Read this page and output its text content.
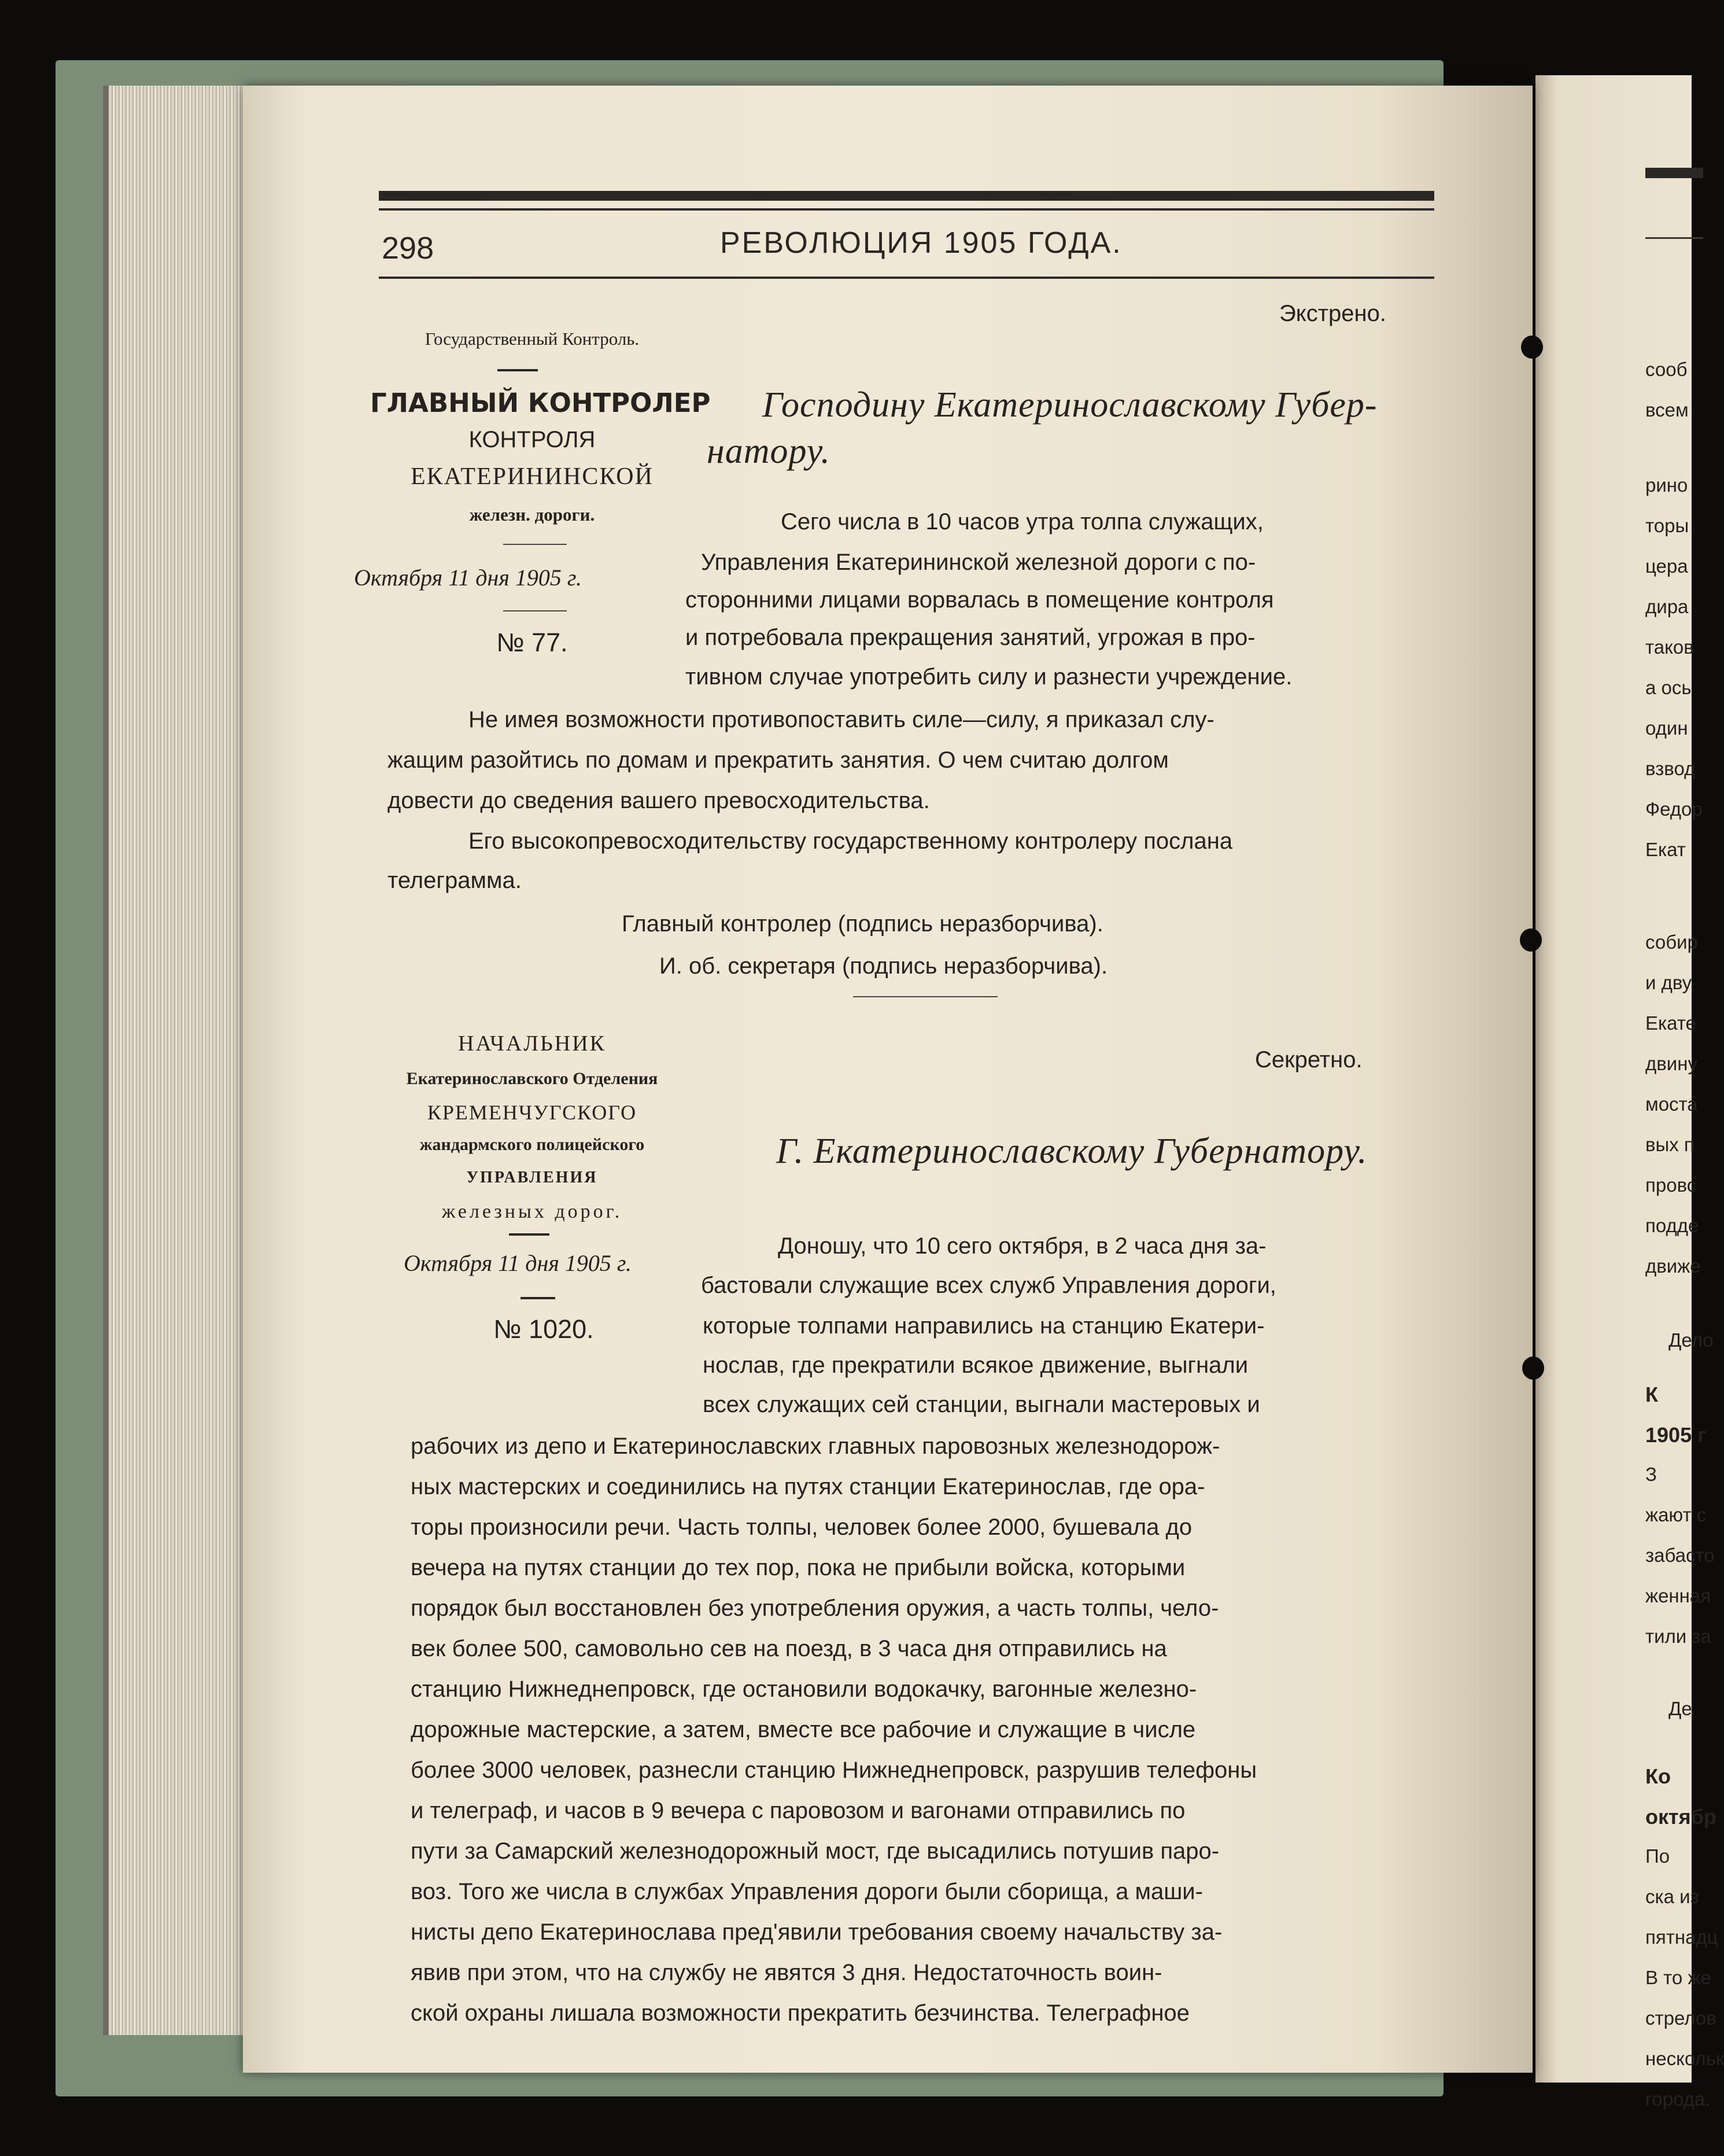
сооб
всем
рино
торы
цера
дира
таков
а ось
один
взвод
Федор
Екат
собир
и дву
Екате
двину
моста
вых п
провс
подде
движе
Дело
К
1905 г
З
жают с
забасто
женная
тили за
Де
Ко
октябр
По
ска из
пятнадц
В то же
стрелов
нескольк
города.
298	РЕВОЛЮЦИЯ 1905 ГОДА.
Государственный Контроль.
ГЛАВНЫЙ КОНТРОЛЕР
КОНТРОЛЯ
ЕКАТЕРИНИНСКОЙ
железн. дороги.
Октября 11 дня 1905 г.
№ 77.
Экстрено.
Господину Екатеринославскому Губер-
натору.
Сего числа в 10 часов утра толпа служащих,
Управления Екатерининской железной дороги с по-
сторонними лицами ворвалась в помещение контроля
и потребовала прекращения занятий, угрожая в про-
тивном случае употребить силу и разнести учреждение.
Не имея возможности противопоставить силе—силу, я приказал слу-
жащим разойтись по домам и прекратить занятия. О чем считаю долгом
довести до сведения вашего превосходительства.
Его высокопревосходительству государственному контролеру послана
телеграмма.
Главный контролер (подпись неразборчива).
И. об. секретаря (подпись неразборчива).
НАЧАЛЬНИК
Екатеринославского Отделения
КРЕМЕНЧУГСКОГО
жандармского полицейского
УПРАВЛЕНИЯ
железных дорог.
Октября 11 дня 1905 г.
№ 1020.
Секретно.
Г. Екатеринославскому Губернатору.
Доношу, что 10 сего октября, в 2 часа дня за-
бастовали служащие всех служб Управления дороги,
которые толпами направились на станцию Екатери-
нослав, где прекратили всякое движение, выгнали
всех служащих сей станции, выгнали мастеровых и
рабочих из депо и Екатеринославских главных паровозных железнодорож-
ных мастерских и соединились на путях станции Екатеринослав, где ора-
торы произносили речи. Часть толпы, человек более 2000, бушевала до
вечера на путях станции до тех пор, пока не прибыли войска, которыми
порядок был восстановлен без употребления оружия, а часть толпы, чело-
век более 500, самовольно сев на поезд, в 3 часа дня отправились на
станцию Нижнеднепровск, где остановили водокачку, вагонные железно-
дорожные мастерские, а затем, вместе все рабочие и служащие в числе
более 3000 человек, разнесли станцию Нижнеднепровск, разрушив телефоны
и телеграф, и часов в 9 вечера с паровозом и вагонами отправились по
пути за Самарский железнодорожный мост, где высадились потушив паро-
воз. Того же числа в службах Управления дороги были сборища, а маши-
нисты депо Екатеринослава пред'явили требования своему начальству за-
явив при этом, что на службу не явятся 3 дня. Недостаточность воин-
ской охраны лишала возможности прекратить безчинства. Телеграфное
